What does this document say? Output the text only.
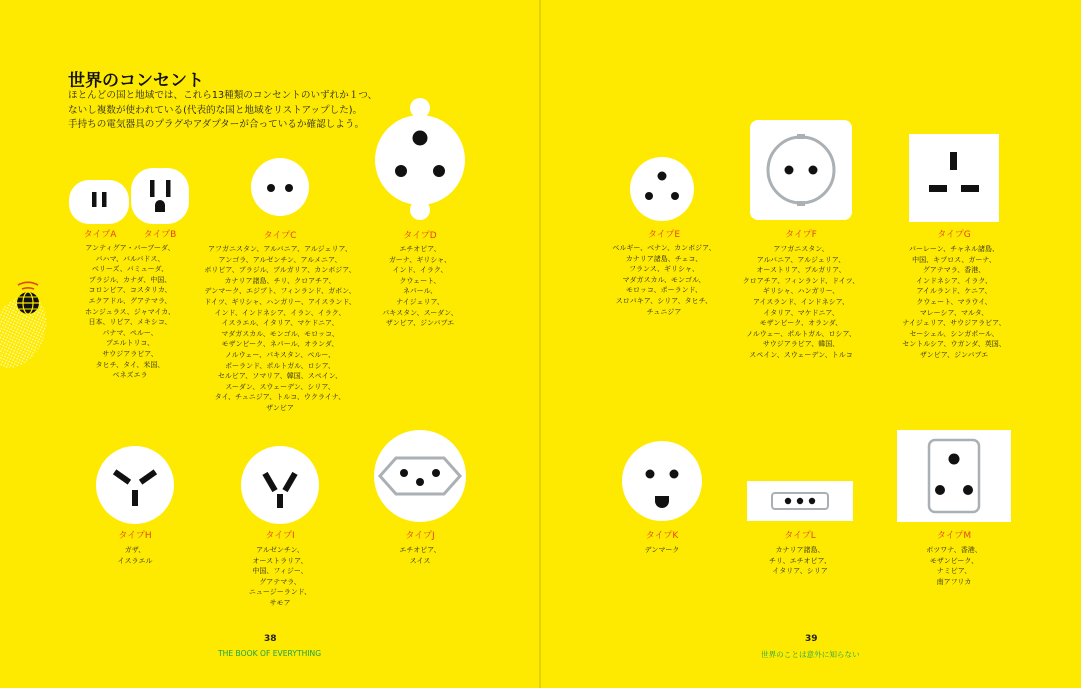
世界のコンセント
ほとんどの国と地域では、これら13種類のコンセントのいずれか１つ、
ないし複数が使われている(代表的な国と地域をリストアップした)。
手持ちの電気器具のプラグやアダプターが合っているか確認しよう。
タイプA	タイプB
アンティグア・バーブーダ、
バハマ、バルバドス、
ベリーズ、バミューダ、
ブラジル、カナダ、中国、
コロンビア、コスタリカ、
エクアドル、グアテマラ、
ホンジュラス、ジャマイカ、
日本、リビア、メキシコ、
パナマ、ペルー、
プエルトリコ、
サウジアラビア、
タヒチ、タイ、米国、
ベネズエラ
タイプC
アフガニスタン、アルバニア、アルジェリア、
アンゴラ、アルゼンチン、アルメニア、
ボリビア、ブラジル、ブルガリア、カンボジア、
カナリア諸島、チリ、クロアチア、
デンマーク、エジプト、フィンランド、ガボン、
ドイツ、ギリシャ、ハンガリー、アイスランド、
インド、インドネシア、イラン、イラク、
イスラエル、イタリア、マケドニア、
マダガスカル、モンゴル、モロッコ、
モザンビーク、ネパール、オランダ、
ノルウェー、パキスタン、ペルー、
ポーランド、ポルトガル、ロシア、
セルビア、ソマリア、韓国、スペイン、
スーダン、スウェーデン、シリア、
タイ、チュニジア、トルコ、ウクライナ、
ザンビア
タイプD
エチオピア、
ガーナ、ギリシャ、
インド、イラク、
クウェート、
ネパール、
ナイジェリア、
パキスタン、スーダン、
ザンビア、ジンバブエ
タイプH
ガザ、
イスラエル
タイプI
アルゼンチン、
オーストラリア、
中国、フィジー、
グアテマラ、
ニュージーランド、
サモア
タイプJ
エチオピア、
スイス
38
THE BOOK OF EVERYTHING
タイプE
ベルギー、ベナン、カンボジア、
カナリア諸島、チェコ、
フランス、ギリシャ、
マダガスカル、モンゴル、
モロッコ、ポーランド、
スロバキア、シリア、タヒチ、
チュニジア
タイプF
アフガニスタン、
アルバニア、アルジェリア、
オーストリア、ブルガリア、
クロアチア、フィンランド、ドイツ、
ギリシャ、ハンガリー、
アイスランド、インドネシア、
イタリア、マケドニア、
モザンビーク、オランダ、
ノルウェー、ポルトガル、ロシア、
サウジアラビア、韓国、
スペイン、スウェーデン、トルコ
タイプG
バーレーン、チャネル諸島、
中国、キプロス、ガーナ、
グアテマラ、香港、
インドネシア、イラク、
アイルランド、ケニア、
クウェート、マラウイ、
マレーシア、マルタ、
ナイジェリア、サウジアラビア、
セーシェル、シンガポール、
セントルシア、ウガンダ、英国、
ザンビア、ジンバブエ
タイプK
デンマーク
タイプL
カナリア諸島、
チリ、エチオピア、
イタリア、シリア
タイプM
ボツワナ、香港、
モザンビーク、
ナミビア、
南アフリカ
39
世界のことは意外に知らない
